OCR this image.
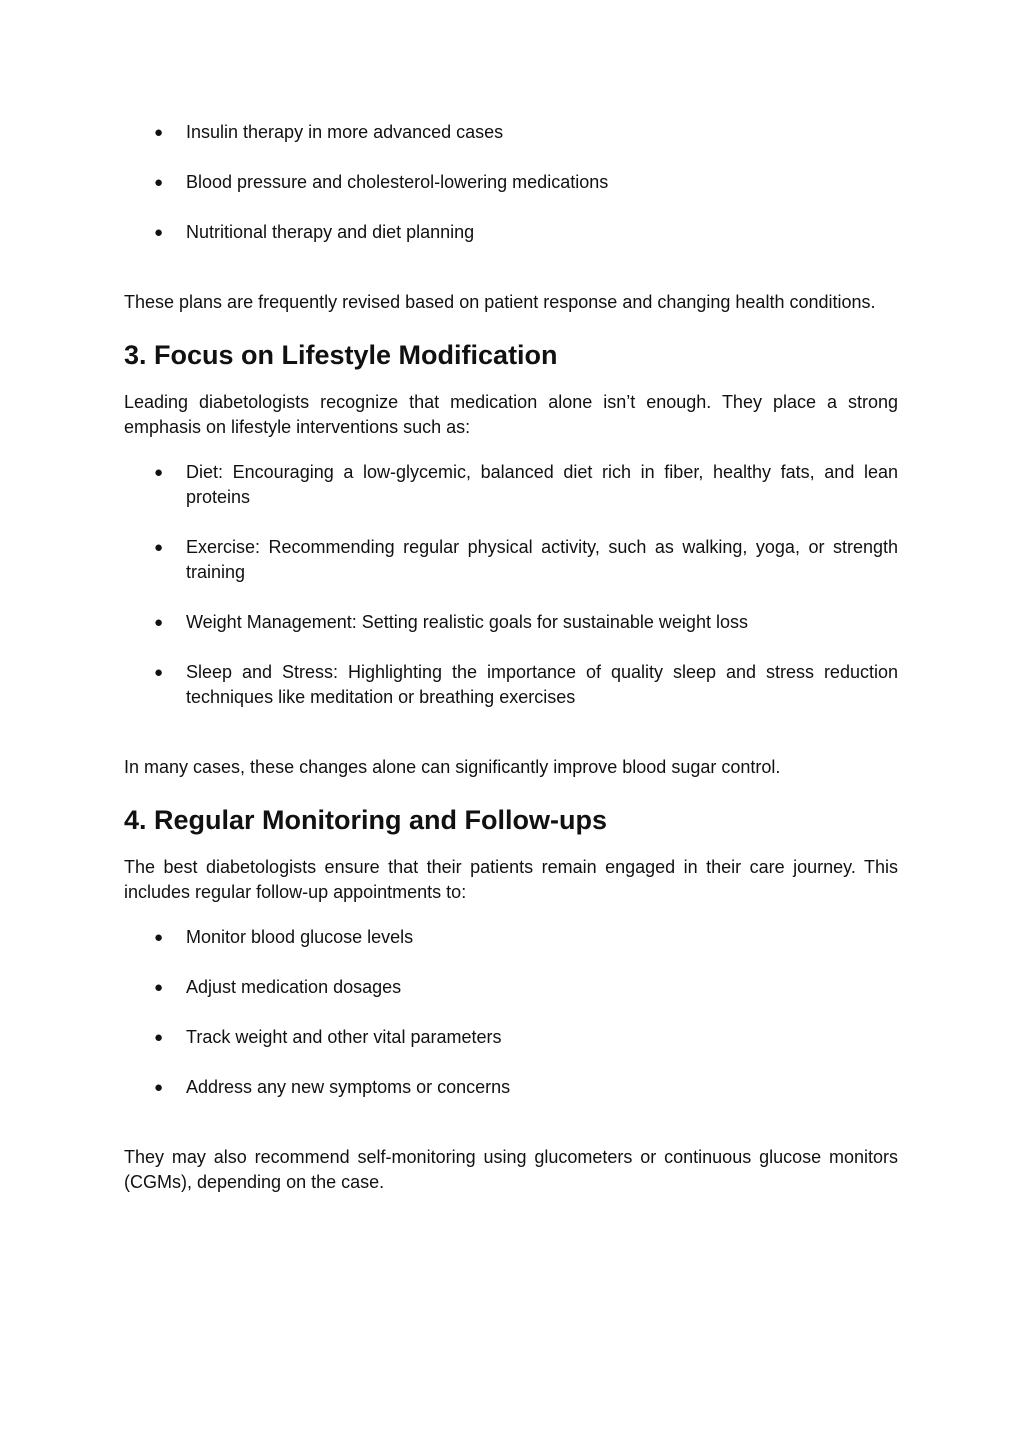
● Insulin therapy in more advanced cases
● Blood pressure and cholesterol-lowering medications
● Nutritional therapy and diet planning

These plans are frequently revised based on patient response and changing health conditions.

3. Focus on Lifestyle Modification

Leading diabetologists recognize that medication alone isn’t enough. They place a strong emphasis on lifestyle interventions such as:

● Diet: Encouraging a low-glycemic, balanced diet rich in fiber, healthy fats, and lean proteins
● Exercise: Recommending regular physical activity, such as walking, yoga, or strength training
● Weight Management: Setting realistic goals for sustainable weight loss
● Sleep and Stress: Highlighting the importance of quality sleep and stress reduction techniques like meditation or breathing exercises

In many cases, these changes alone can significantly improve blood sugar control.

4. Regular Monitoring and Follow-ups

The best diabetologists ensure that their patients remain engaged in their care journey. This includes regular follow-up appointments to:

● Monitor blood glucose levels
● Adjust medication dosages
● Track weight and other vital parameters
● Address any new symptoms or concerns

They may also recommend self-monitoring using glucometers or continuous glucose monitors (CGMs), depending on the case.
